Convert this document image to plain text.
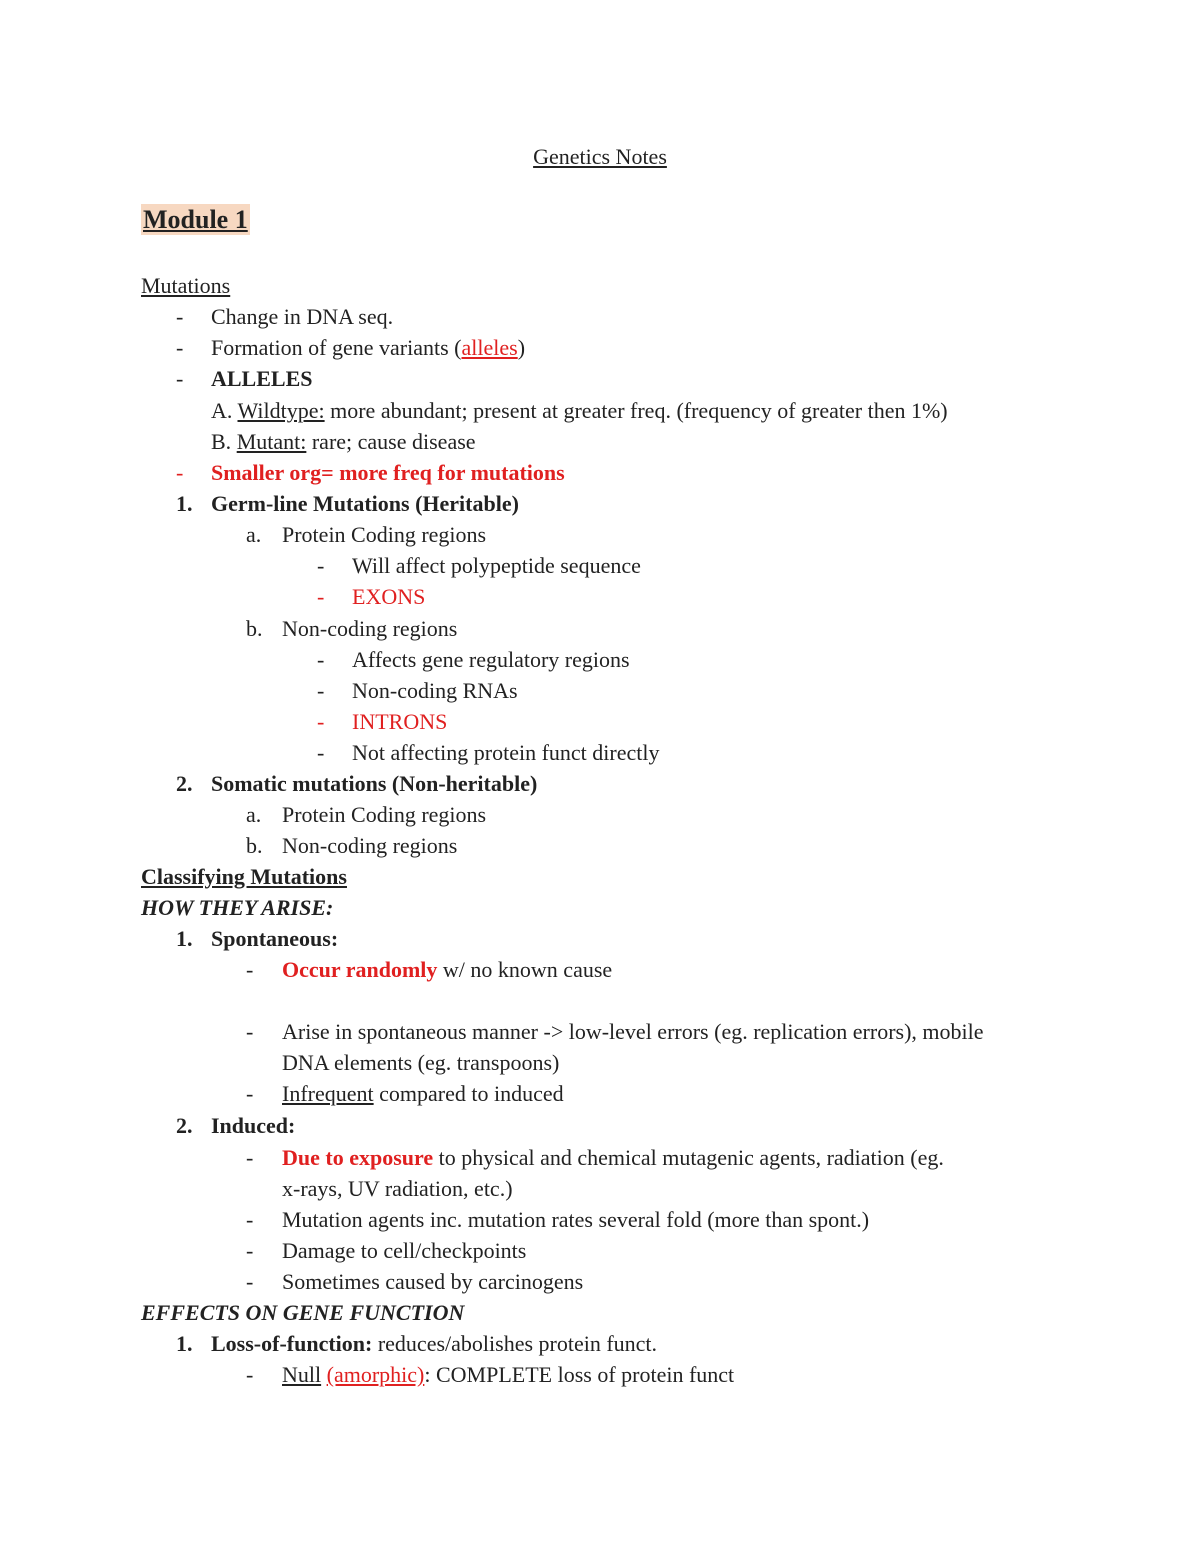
Genetics Notes
Module 1
Mutations
- Change in DNA seq.
- Formation of gene variants (alleles)
- ALLELES
A. Wildtype: more abundant; present at greater freq. (frequency of greater then 1%)
B. Mutant: rare; cause disease
- Smaller org= more freq for mutations
1. Germ-line Mutations (Heritable)
a. Protein Coding regions
- Will affect polypeptide sequence
- EXONS
b. Non-coding regions
- Affects gene regulatory regions
- Non-coding RNAs
- INTRONS
- Not affecting protein funct directly
2. Somatic mutations (Non-heritable)
a. Protein Coding regions
b. Non-coding regions
Classifying Mutations
HOW THEY ARISE:
1. Spontaneous:
- Occur randomly w/ no known cause
- Arise in spontaneous manner -> low-level errors (eg. replication errors), mobile
DNA elements (eg. transpoons)
- Infrequent compared to induced
2. Induced:
- Due to exposure to physical and chemical mutagenic agents, radiation (eg.
x-rays, UV radiation, etc.)
- Mutation agents inc. mutation rates several fold (more than spont.)
- Damage to cell/checkpoints
- Sometimes caused by carcinogens
EFFECTS ON GENE FUNCTION
1. Loss-of-function: reduces/abolishes protein funct.
- Null (amorphic): COMPLETE loss of protein funct
